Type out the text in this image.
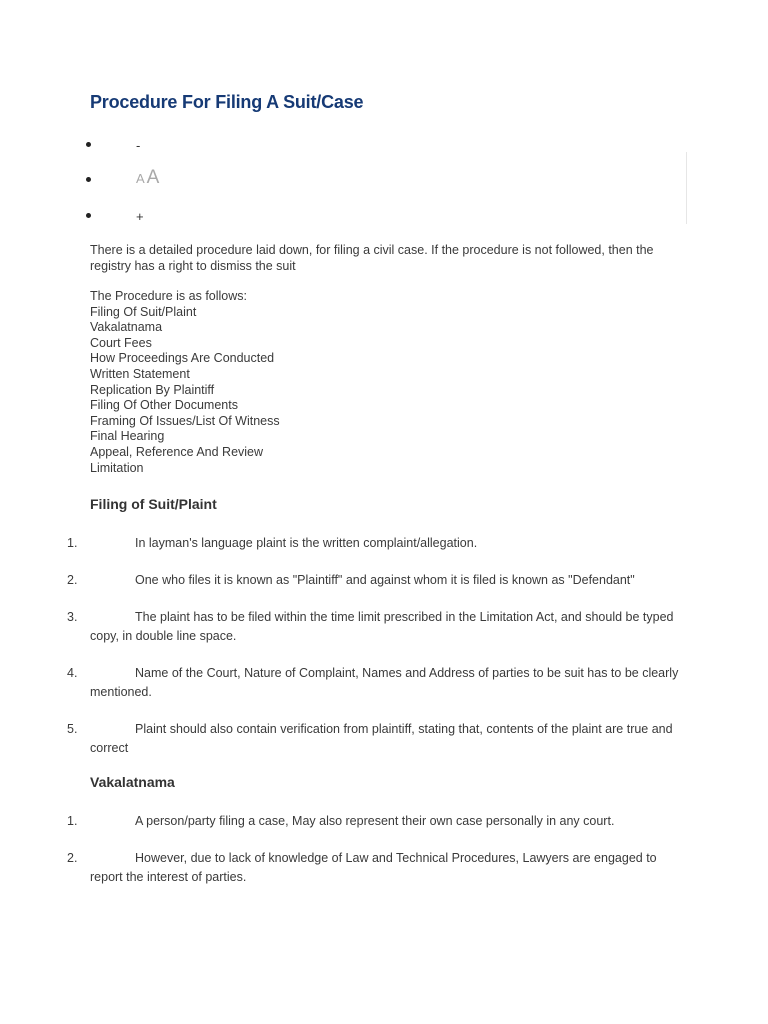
Procedure For Filing A Suit/Case
-
A A
+

There is a detailed procedure laid down, for filing a civil case. If the procedure is not followed, then the registry has a right to dismiss the suit

The Procedure is as follows:
Filing Of Suit/Plaint
Vakalatnama
Court Fees
How Proceedings Are Conducted
Written Statement
Replication By Plaintiff
Filing Of Other Documents
Framing Of Issues/List Of Witness
Final Hearing
Appeal, Reference And Review
Limitation
Filing of Suit/Plaint
1.	In layman's language plaint is the written complaint/allegation.

2.	One who files it is known as "Plaintiff" and against whom it is filed is known as "Defendant"

3.	The plaint has to be filed within the time limit prescribed in the Limitation Act, and should be typed copy, in double line space.

4.	Name of the Court, Nature of Complaint, Names and Address of parties to be suit has to be clearly mentioned.

5.	Plaint should also contain verification from plaintiff, stating that, contents of the plaint are true and correct

Vakalatnama
1.	A person/party filing a case, May also represent their own case personally in any court.

2.	However, due to lack of knowledge of Law and Technical Procedures, Lawyers are engaged to report the interest of parties.
